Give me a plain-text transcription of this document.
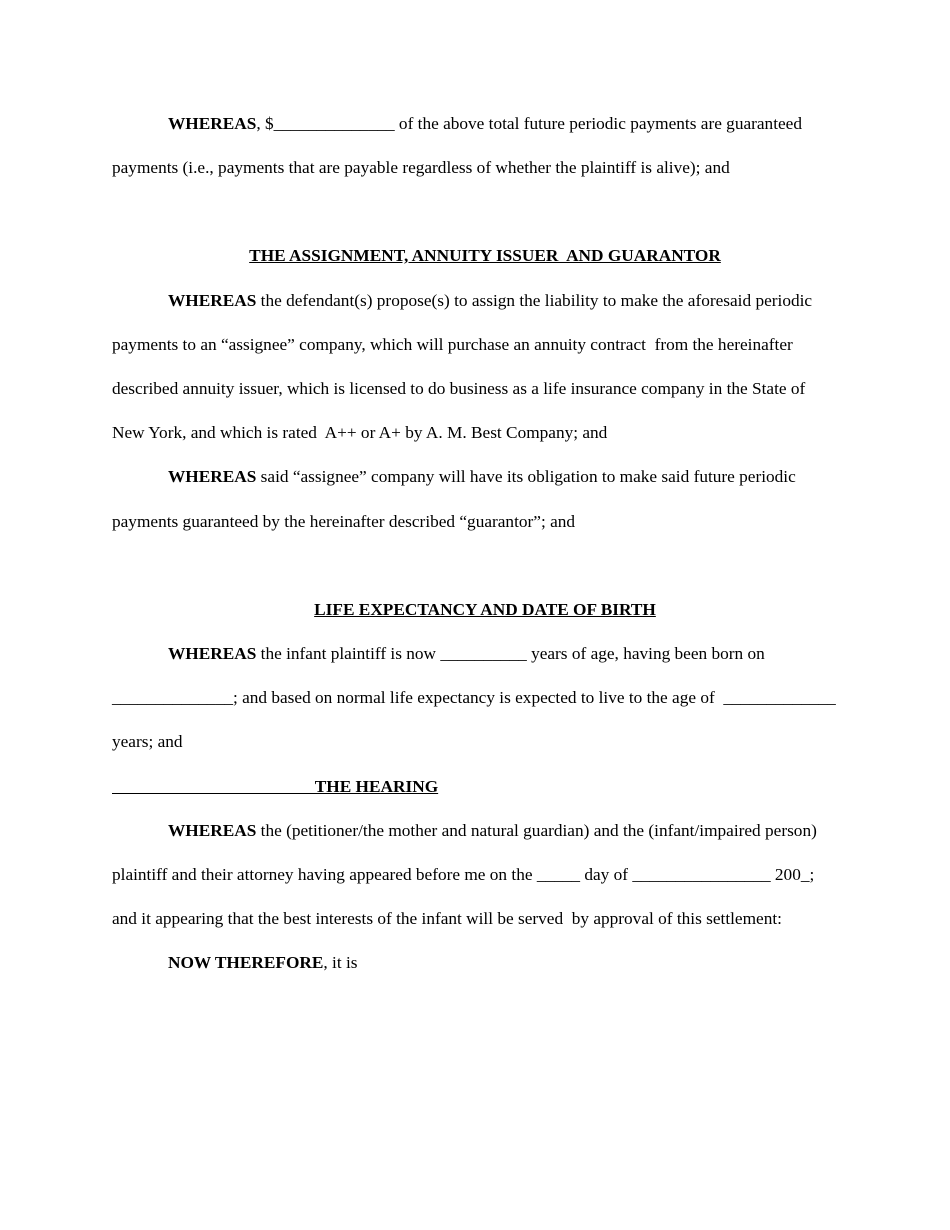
WHEREAS, $______________ of the above total future periodic payments are guaranteed
payments (i.e., payments that are payable regardless of whether the plaintiff is alive); and
THE ASSIGNMENT, ANNUITY ISSUER  AND GUARANTOR
WHEREAS the defendant(s) propose(s) to assign the liability to make the aforesaid periodic
payments to an “assignee” company, which will purchase an annuity contract  from the hereinafter
described annuity issuer, which is licensed to do business as a life insurance company in the State of
New York, and which is rated  A++ or A+ by A. M. Best Company; and
WHEREAS said “assignee” company will have its obligation to make said future periodic
payments guaranteed by the hereinafter described “guarantor”; and
LIFE EXPECTANCY AND DATE OF BIRTH
WHEREAS the infant plaintiff is now __________ years of age, having been born on
______________; and based on normal life expectancy is expected to live to the age of  _____________
years; and
THE HEARING
WHEREAS the (petitioner/the mother and natural guardian) and the (infant/impaired person)
plaintiff and their attorney having appeared before me on the _____ day of ________________ 200_;
and it appearing that the best interests of the infant will be served  by approval of this settlement:
NOW THEREFORE, it is
